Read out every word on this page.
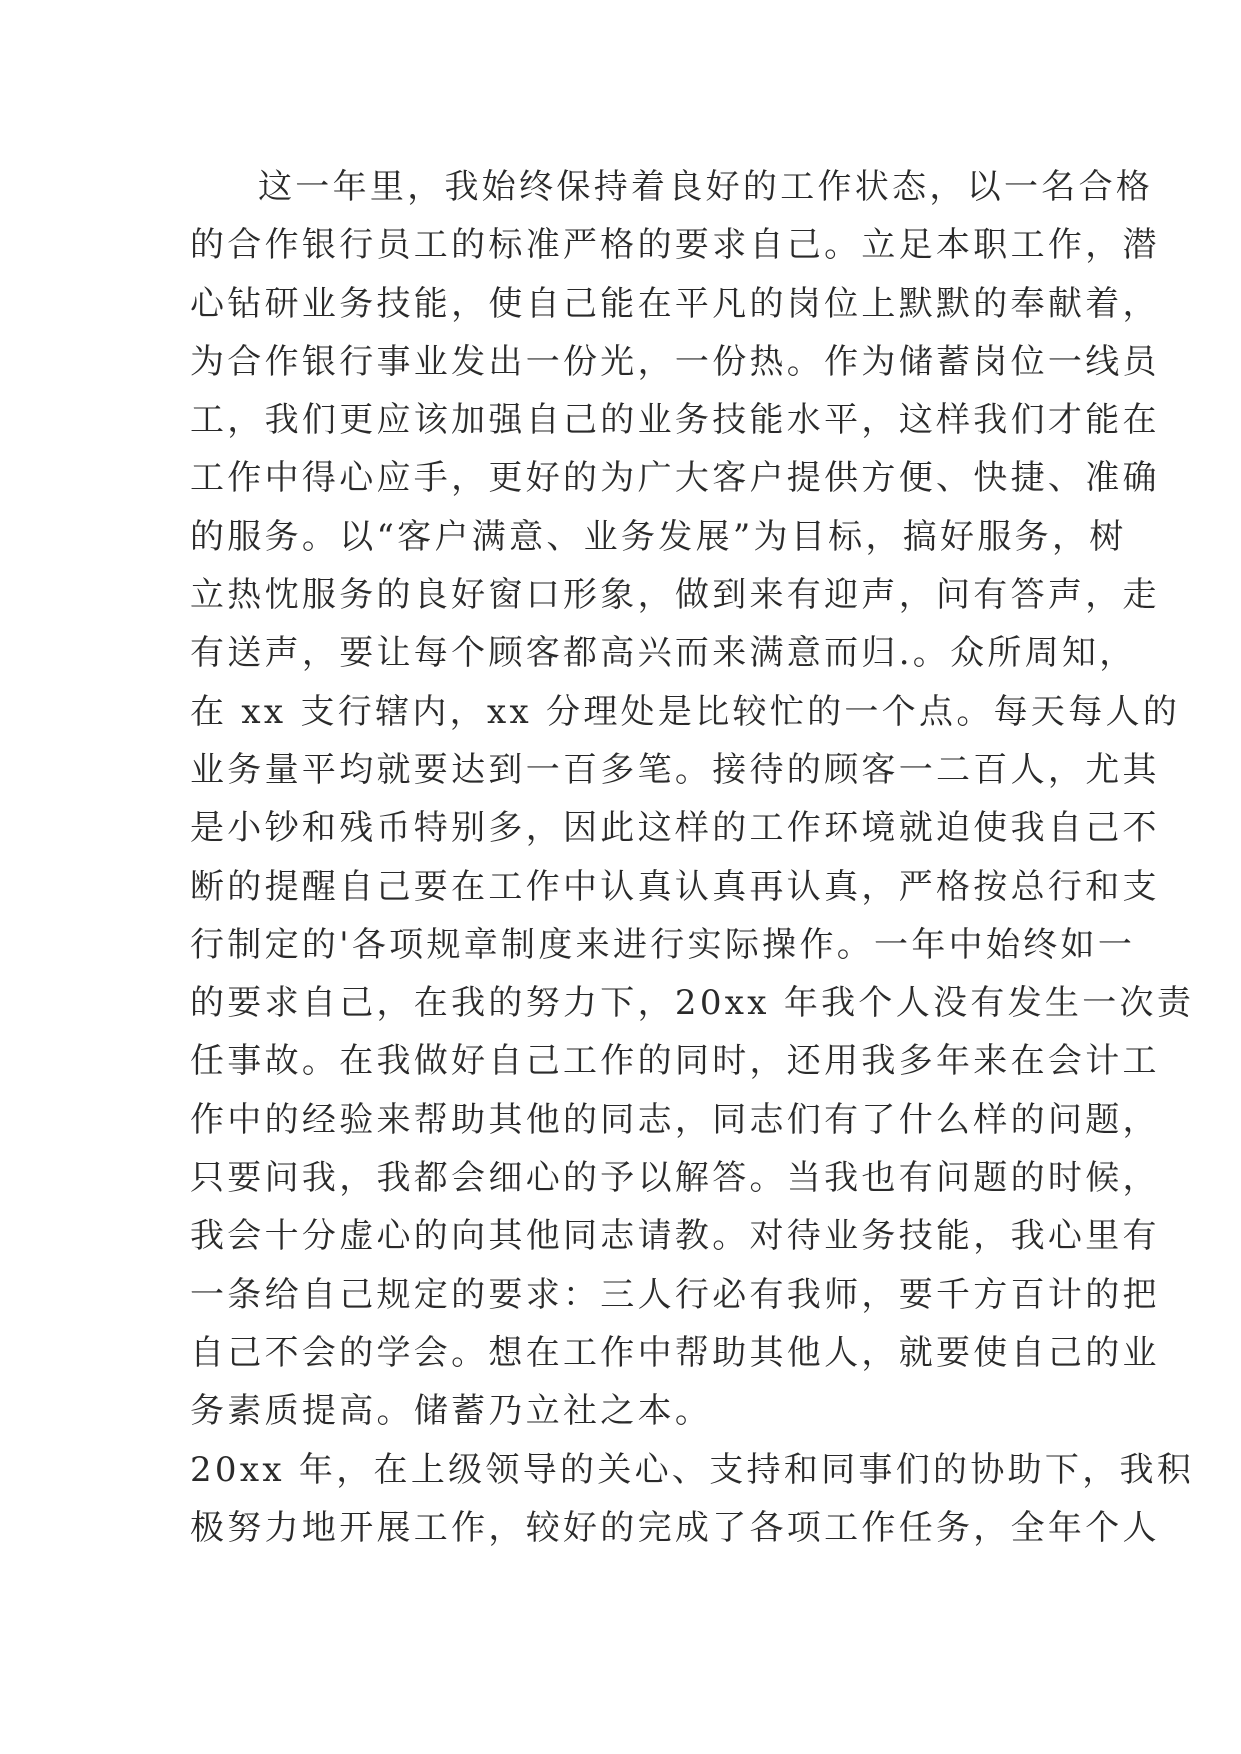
这一年里，我始终保持着良好的工作状态，以一名合格
的合作银行员工的标准严格的要求自己。立足本职工作，潜
心钻研业务技能，使自己能在平凡的岗位上默默的奉献着，
为合作银行事业发出一份光，一份热。作为储蓄岗位一线员
工，我们更应该加强自己的业务技能水平，这样我们才能在
工作中得心应手，更好的为广大客户提供方便、快捷、准确
的服务。以“客户满意、业务发展”为目标，搞好服务，树
立热忱服务的良好窗口形象，做到来有迎声，问有答声，走
有送声，要让每个顾客都高兴而来满意而归.。众所周知，
在 xx 支行辖内，xx 分理处是比较忙的一个点。每天每人的
业务量平均就要达到一百多笔。接待的顾客一二百人，尤其
是小钞和残币特别多，因此这样的工作环境就迫使我自己不
断的提醒自己要在工作中认真认真再认真，严格按总行和支
行制定的'各项规章制度来进行实际操作。一年中始终如一
的要求自己，在我的努力下，20xx 年我个人没有发生一次责
任事故。在我做好自己工作的同时，还用我多年来在会计工
作中的经验来帮助其他的同志，同志们有了什么样的问题，
只要问我，我都会细心的予以解答。当我也有问题的时候，
我会十分虚心的向其他同志请教。对待业务技能，我心里有
一条给自己规定的要求：三人行必有我师，要千方百计的把
自己不会的学会。想在工作中帮助其他人，就要使自己的业
务素质提高。储蓄乃立社之本。
20xx 年，在上级领导的关心、支持和同事们的协助下，我积
极努力地开展工作，较好的完成了各项工作任务，全年个人
